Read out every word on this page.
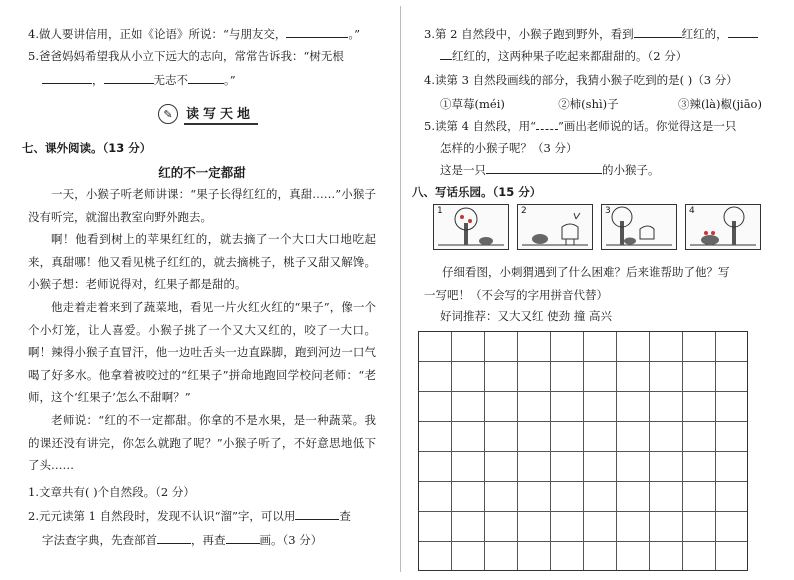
4.做人要讲信用，正如《论语》所说：“与朋友交，	。”
5.爸爸妈妈希望我从小立下远大的志向，常常告诉我：“树无根
，	无志不	。”
✎	读写天地
七、课外阅读。（13 分）
红的不一定都甜
一天，小猴子听老师讲课：“果子长得红红的，真甜……”小猴子没有听完，就溜出教室向野外跑去。
啊！他看到树上的苹果红红的，就去摘了一个大口大口地吃起来，真甜哪！他又看见桃子红红的，就去摘桃子，桃子又甜又解馋。小猴子想：老师说得对，红果子都是甜的。
他走着走着来到了蔬菜地，看见一片火红火红的“果子”，像一个个小灯笼，让人喜爱。小猴子挑了一个又大又红的，咬了一大口。啊！辣得小猴子直冒汗，他一边吐舌头一边直跺脚，跑到河边一口气喝了好多水。他拿着被咬过的“红果子”拼命地跑回学校问老师：“老师，这个‘红果子’怎么不甜啊？”
老师说：“红的不一定都甜。你拿的不是水果，是一种蔬菜。我的课还没有讲完，你怎么就跑了呢？”小猴子听了，不好意思地低下了头……
1.文章共有( )个自然段。（2 分）
2.元元读第 1 自然段时，发现不认识“溜”字，可以用	查
字法查字典，先查部首	，再查	画。（3 分）
3.第 2 自然段中，小猴子跑到野外，看到	红红的，
红红的，这两种果子吃起来都甜甜的。（2 分）
4.读第 3 自然段画线的部分，我猜小猴子吃到的是( )（3 分）
①草莓(méi)	②柿(shì)子	③辣(là)椒(jiāo)
5.读第 4 自然段，用“ ”画出老师说的话。你觉得这是一只
怎样的小猴子呢？（3 分）
这是一只	的小猴子。
八、写话乐园。（15 分）
1	2	3	4
仔细看图，小刺猬遇到了什么困难？后来谁帮助了他？写
一写吧！（不会写的字用拼音代替）
好词推荐：又大又红 使劲 撞 高兴
